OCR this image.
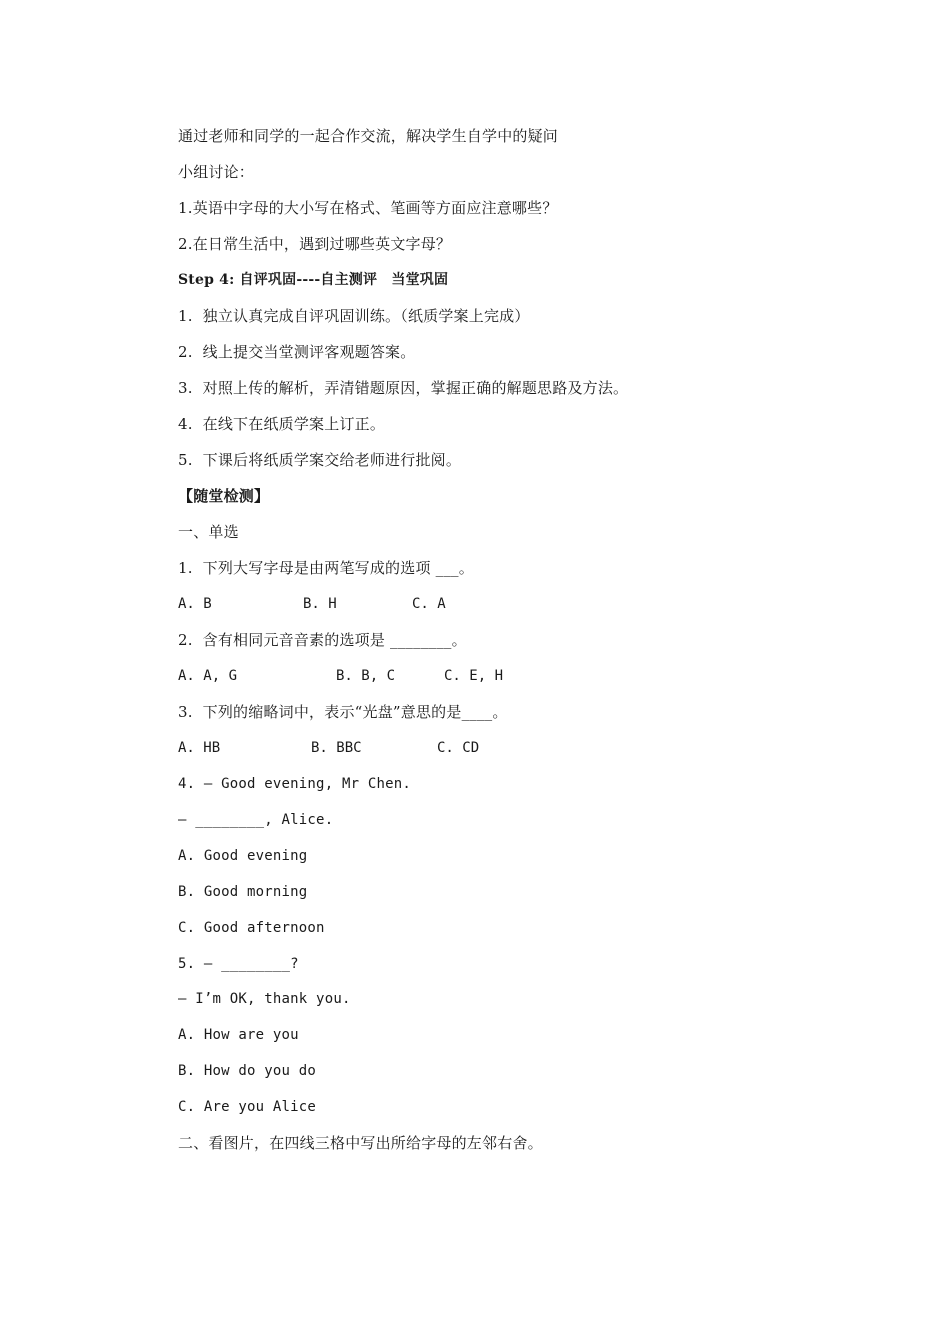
通过老师和同学的一起合作交流，解决学生自学中的疑问
小组讨论：
1.英语中字母的大小写在格式、笔画等方面应注意哪些？
2.在日常生活中，遇到过哪些英文字母？
Step 4: 自评巩固----自主测评　当堂巩固
1.  独立认真完成自评巩固训练。（纸质学案上完成）
2.  线上提交当堂测评客观题答案。
3.  对照上传的解析，弄清错题原因，掌握正确的解题思路及方法。
4.  在线下在纸质学案上订正。
5.  下课后将纸质学案交给老师进行批阅。
【随堂检测】
一、单选
1.  下列大写字母是由两笔写成的选项 ___。
A. B	B. H	C. A
2.  含有相同元音音素的选项是 ________。
A. A, G	B. B, C	C. E, H
3.  下列的缩略词中，表示“光盘”意思的是____。
A. HB	B. BBC	C. CD
4. — Good evening, Mr Chen.
— ________, Alice.
A. Good evening
B. Good morning
C. Good afternoon
5. — ________?
— I’m OK, thank you.
A. How are you
B. How do you do
C. Are you Alice
二、看图片，在四线三格中写出所给字母的左邻右舍。
